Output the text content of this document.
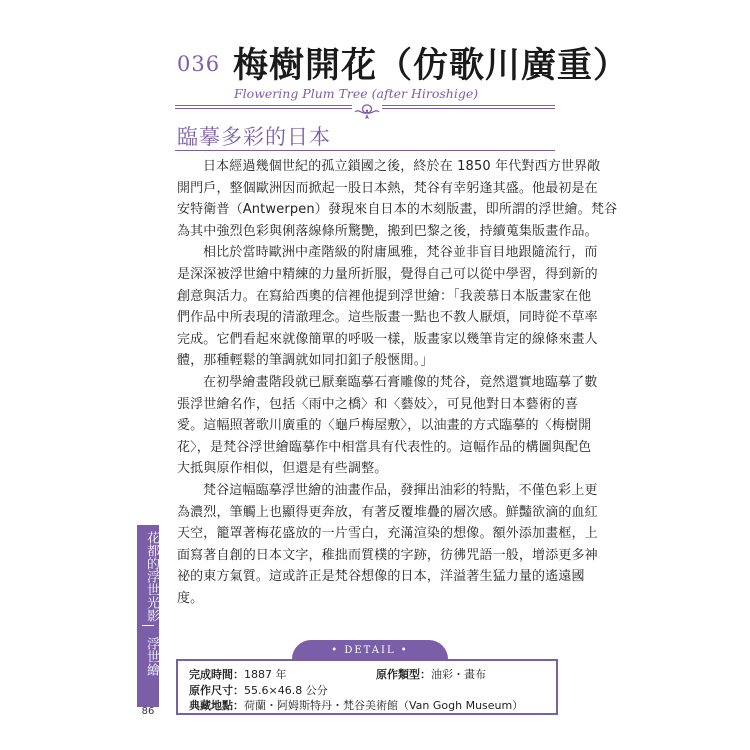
036 梅樹開花（仿歌川廣重）
Flowering Plum Tree (after Hiroshige)
臨摹多彩的日本
日本經過幾個世紀的孤立鎖國之後，終於在 1850 年代對西方世界敞
開門戶，整個歐洲因而掀起一股日本熱，梵谷有幸躬逢其盛。他最初是在
安特衛普（Antwerpen）發現來自日本的木刻版畫，即所謂的浮世繪。梵谷
為其中強烈色彩與俐落線條所驚艷，搬到巴黎之後，持續蒐集版畫作品。
相比於當時歐洲中產階級的附庸風雅，梵谷並非盲目地跟隨流行，而
是深深被浮世繪中精練的力量所折服，覺得自己可以從中學習，得到新的
創意與活力。在寫給西奧的信裡他提到浮世繪：「我羨慕日本版畫家在他
們作品中所表現的清澈理念。這些版畫一點也不教人厭煩，同時從不草率
完成。它們看起來就像簡單的呼吸一樣，版畫家以幾筆肯定的線條來畫人
體，那種輕鬆的筆調就如同扣釦子般愜閒。」
在初學繪畫階段就已厭棄臨摹石膏雕像的梵谷，竟然還實地臨摹了數
張浮世繪名作，包括〈雨中之橋〉和〈藝妓〉，可見他對日本藝術的喜
愛。這幅照著歌川廣重的〈龜戶梅屋敷〉，以油畫的方式臨摹的〈梅樹開
花〉，是梵谷浮世繪臨摹作中相當具有代表性的。這幅作品的構圖與配色
大抵與原作相似，但還是有些調整。
梵谷這幅臨摹浮世繪的油畫作品，發揮出油彩的特點，不僅色彩上更
為濃烈，筆觸上也顯得更奔放，有著反覆堆疊的層次感。鮮豔欲滴的血紅
天空，籠罩著梅花盛放的一片雪白，充滿渲染的想像。額外添加畫框，上
面寫著自創的日本文字，稚拙而質樸的字跡，彷彿咒語一般，增添更多神
祕的東方氣質。這或許正是梵谷想像的日本，洋溢著生猛力量的遙遠國
度。
花都的浮世光影
浮世繪
86
• DETAIL •
完成時間：1887 年	原作類型：油彩・畫布
原作尺寸：55.6×46.8 公分
典藏地點：荷蘭・阿姆斯特丹・梵谷美術館（Van Gogh Museum）
